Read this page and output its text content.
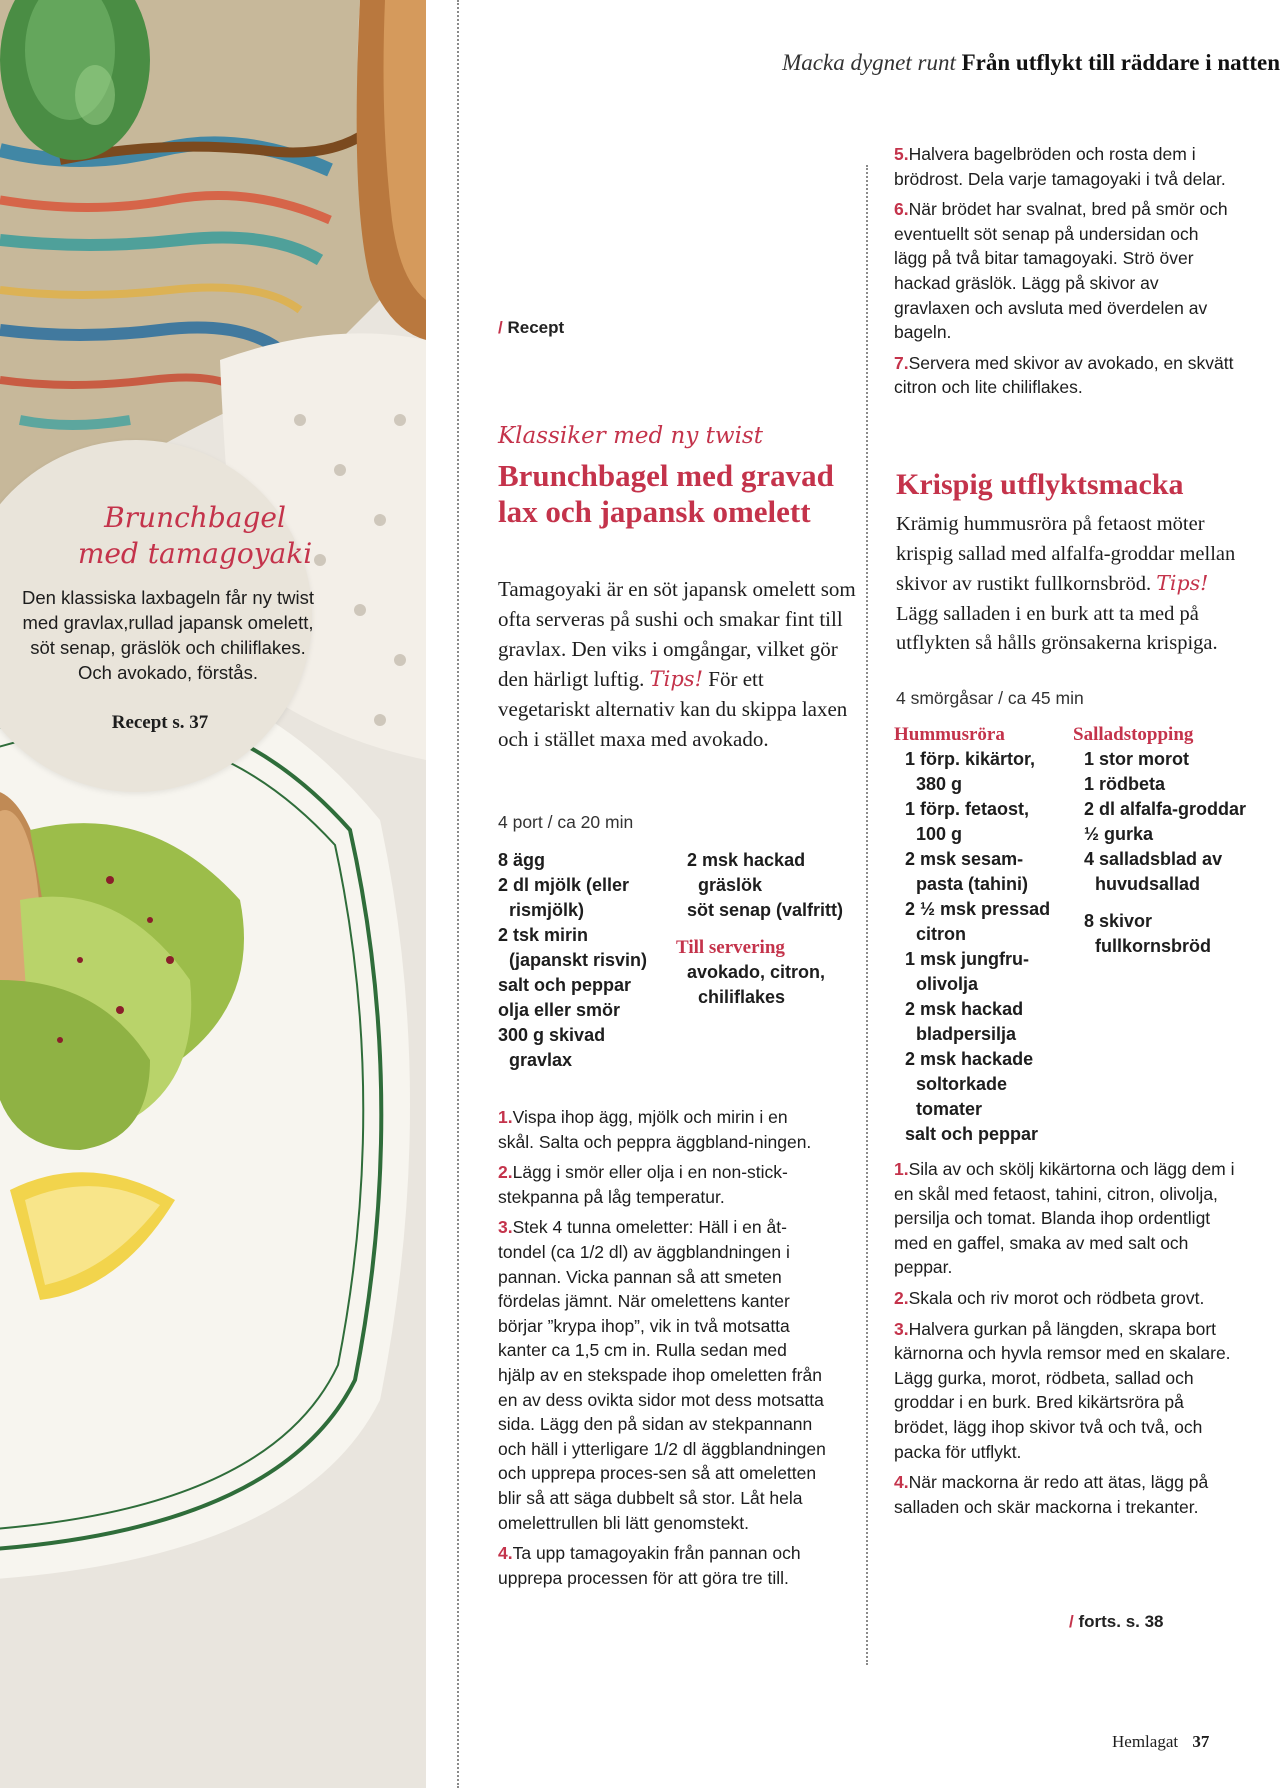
Brunchbagel
med tamagoyaki
Den klassiska laxbageln får ny twist med gravlax,rullad japansk omelett, söt senap, gräslök och chiliflakes. Och avokado, förstås.
Recept s. 37
Macka dygnet runt Från utflykt till räddare i natten
/ Recept
Klassiker med ny twist
Brunchbagel med gravad lax och japansk omelett
Tamagoyaki är en söt japansk omelett som ofta serveras på sushi och smakar fint till gravlax. Den viks i omgångar, vilket gör den härligt luftig. Tips! För ett vegetariskt alternativ kan du skippa laxen och i stället maxa med avokado.
4 port / ca 20 min
8 ägg
2 dl mjölk (eller rismjölk)
2 tsk mirin (japanskt risvin)
salt och peppar
olja eller smör
300 g skivad gravlax
2 msk hackad gräslök
söt senap (valfritt)
Till servering
avokado, citron, chiliflakes

1.Vispa ihop ägg, mjölk och mirin i en skål. Salta och peppra äggbland-ningen.

2.Lägg i smör eller olja i en non-stick-stekpanna på låg temperatur.

3.Stek 4 tunna omeletter: Häll i en åt-tondel (ca 1/2 dl) av äggblandningen i pannan. Vicka pannan så att smeten fördelas jämnt. När omelettens kanter börjar ”krypa ihop”, vik in två motsatta kanter ca 1,5 cm in. Rulla sedan med hjälp av en stekspade ihop omeletten från en av dess ovikta sidor mot dess motsatta sida. Lägg den på sidan av stekpannann och häll i ytterligare 1/2 dl äggblandningen och upprepa proces-sen så att omeletten blir så att säga dubbelt så stor. Låt hela omelettrullen bli lätt genomstekt.

4.Ta upp tamagoyakin från pannan och upprepa processen för att göra tre till.

5.Halvera bagelbröden och rosta dem i brödrost. Dela varje tamagoyaki i två delar.

6.När brödet har svalnat, bred på smör och eventuellt söt senap på undersidan och lägg på två bitar tamagoyaki. Strö över hackad gräslök. Lägg på skivor av gravlaxen och avsluta med överdelen av bageln.

7.Servera med skivor av avokado, en skvätt citron och lite chiliflakes.

Krispig utflyktsmacka
Krämig hummusröra på fetaost möter krispig sallad med alfalfa-groddar mellan skivor av rustikt fullkornsbröd. Tips! Lägg salladen i en burk att ta med på utflykten så hålls grönsakerna krispiga.
4 smörgåsar / ca 45 min
Hummusröra
1 förp. kikärtor, 380 g
1 förp. fetaost, 100 g
2 msk sesam-pasta (tahini)
2 ½ msk pressad citron
1 msk jungfru-olivolja
2 msk hackad bladpersilja
2 msk hackade soltorkade tomater
salt och peppar
Salladstopping
1 stor morot
1 rödbeta
2 dl alfalfa-groddar
½ gurka
4 salladsblad av huvudsallad
8 skivor fullkornsbröd

1.Sila av och skölj kikärtorna och lägg dem i en skål med fetaost, tahini, citron, olivolja, persilja och tomat. Blanda ihop ordentligt med en gaffel, smaka av med salt och peppar.

2.Skala och riv morot och rödbeta grovt.

3.Halvera gurkan på längden, skrapa bort kärnorna och hyvla remsor med en skalare. Lägg gurka, morot, rödbeta, sallad och groddar i en burk. Bred kikärtsröra på brödet, lägg ihop skivor två och två, och packa för utflykt.

4.När mackorna är redo att ätas, lägg på salladen och skär mackorna i trekanter.

/ forts. s. 38
Hemlagat 37
